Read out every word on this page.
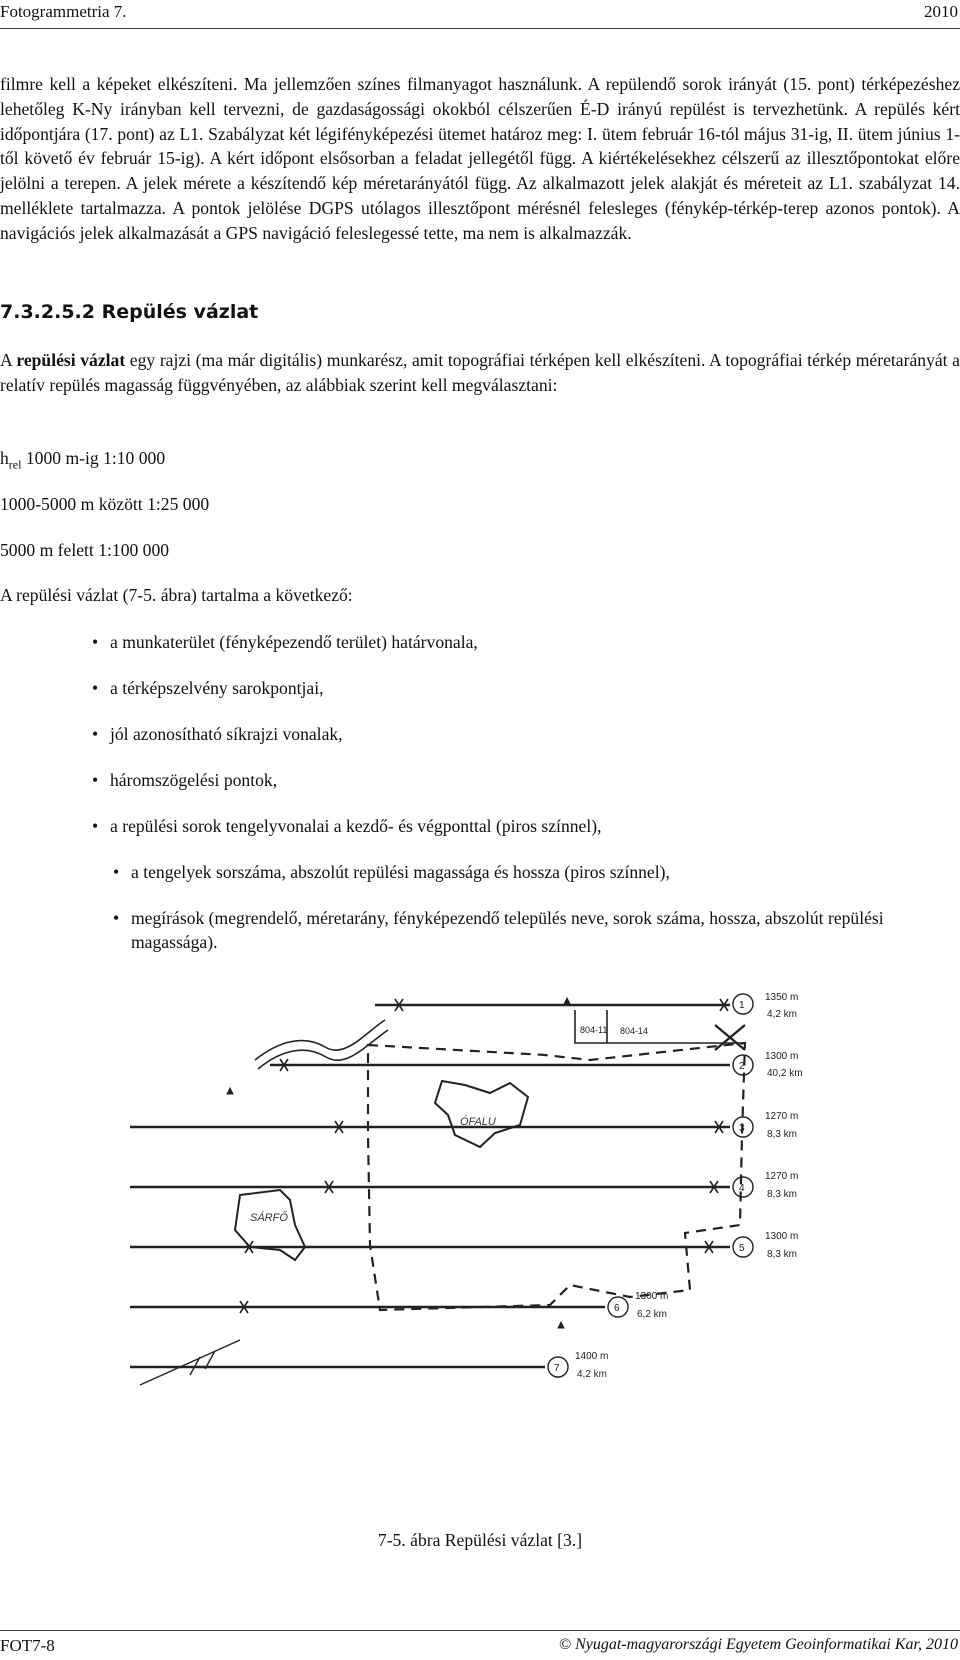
Fotogrammetria 7.	2010

filmre kell a képeket elkészíteni. Ma jellemzően színes filmanyagot használunk. A repülendő sorok irányát (15. pont) térképezéshez lehetőleg K-Ny irányban kell tervezni, de gazdaságossági okokból célszerűen É-D irányú repülést is tervezhetünk. A repülés kért időpontjára (17. pont) az L1. Szabályzat két légifényképezési ütemet határoz meg: I. ütem február 16-tól május 31-ig, II. ütem június 1-től követő év február 15-ig). A kért időpont elsősorban a feladat jellegétől függ. A kiértékelésekhez célszerű az illesztőpontokat előre jelölni a terepen. A jelek mérete a készítendő kép méretarányától függ. Az alkalmazott jelek alakját és méreteit az L1. szabályzat 14. melléklete tartalmazza. A pontok jelölése DGPS utólagos illesztőpont mérésnél felesleges (fénykép-térkép-terep azonos pontok). A navigációs jelek alkalmazását a GPS navigáció feleslegessé tette, ma nem is alkalmazzák.

7.3.2.5.2 Repülés vázlat

A repülési vázlat egy rajzi (ma már digitális) munkarész, amit topográfiai térképen kell elkészíteni. A topográfiai térkép méretarányát a relatív repülés magasság függvényében, az alábbiak szerint kell megválasztani:

$h_{rel}$ 1000 m-ig 1:10 000
1000-5000 m között 1:25 000
5000 m felett 1:100 000
A repülési vázlat (7-5. ábra) tartalma a következő:
• a munkaterület (fényképezendő terület) határvonala,
• a térképszelvény sarokpontjai,
• jól azonosítható síkrajzi vonalak,
• háromszögelési pontok,
• a repülési sorok tengelyvonalai a kezdő- és végponttal (piros színnel),
• a tengelyek sorszáma, abszolút repülési magassága és hossza (piros színnel),
• megírások (megrendelő, méretarány, fényképezendő település neve, sorok száma, hossza, abszolút repülési magassága).
804-11 804-14
ÓFALU
SÁRFŐ
1
1350 m
4,2 km
2
1300 m
40,2 km
3
1270 m
8,3 km
4
1270 m
8,3 km
5
1300 m
8,3 km
6
1300 m
6,2 km
7
1400 m
4,2 km
7-5. ábra Repülési vázlat [3.]
FOT7-8	© Nyugat-magyarországi Egyetem Geoinformatikai Kar, 2010
